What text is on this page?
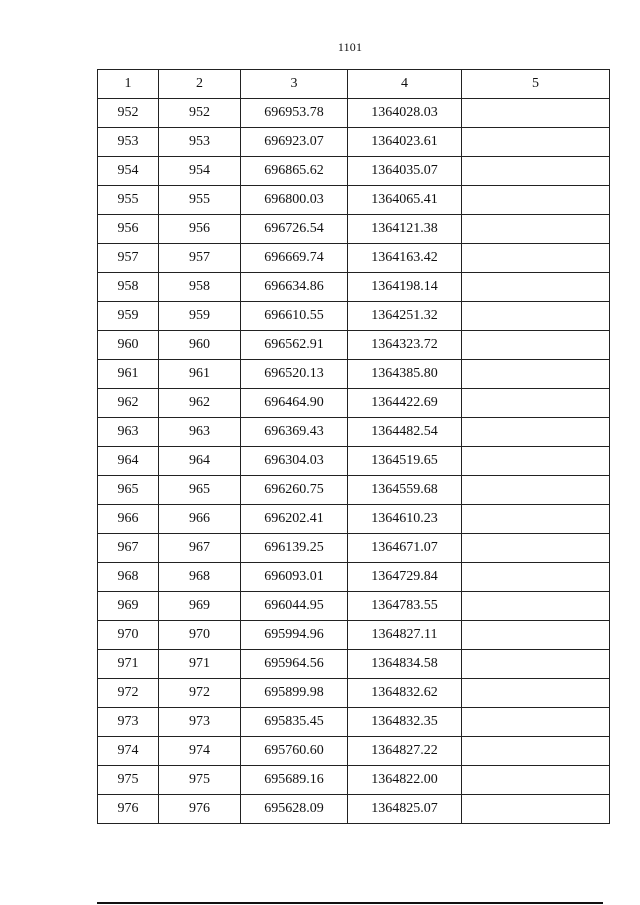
1101
1	2	3	4	5
952	952	696953.78	1364028.03	
953	953	696923.07	1364023.61	
954	954	696865.62	1364035.07	
955	955	696800.03	1364065.41	
956	956	696726.54	1364121.38	
957	957	696669.74	1364163.42	
958	958	696634.86	1364198.14	
959	959	696610.55	1364251.32	
960	960	696562.91	1364323.72	
961	961	696520.13	1364385.80	
962	962	696464.90	1364422.69	
963	963	696369.43	1364482.54	
964	964	696304.03	1364519.65	
965	965	696260.75	1364559.68	
966	966	696202.41	1364610.23	
967	967	696139.25	1364671.07	
968	968	696093.01	1364729.84	
969	969	696044.95	1364783.55	
970	970	695994.96	1364827.11	
971	971	695964.56	1364834.58	
972	972	695899.98	1364832.62	
973	973	695835.45	1364832.35	
974	974	695760.60	1364827.22	
975	975	695689.16	1364822.00	
976	976	695628.09	1364825.07	
